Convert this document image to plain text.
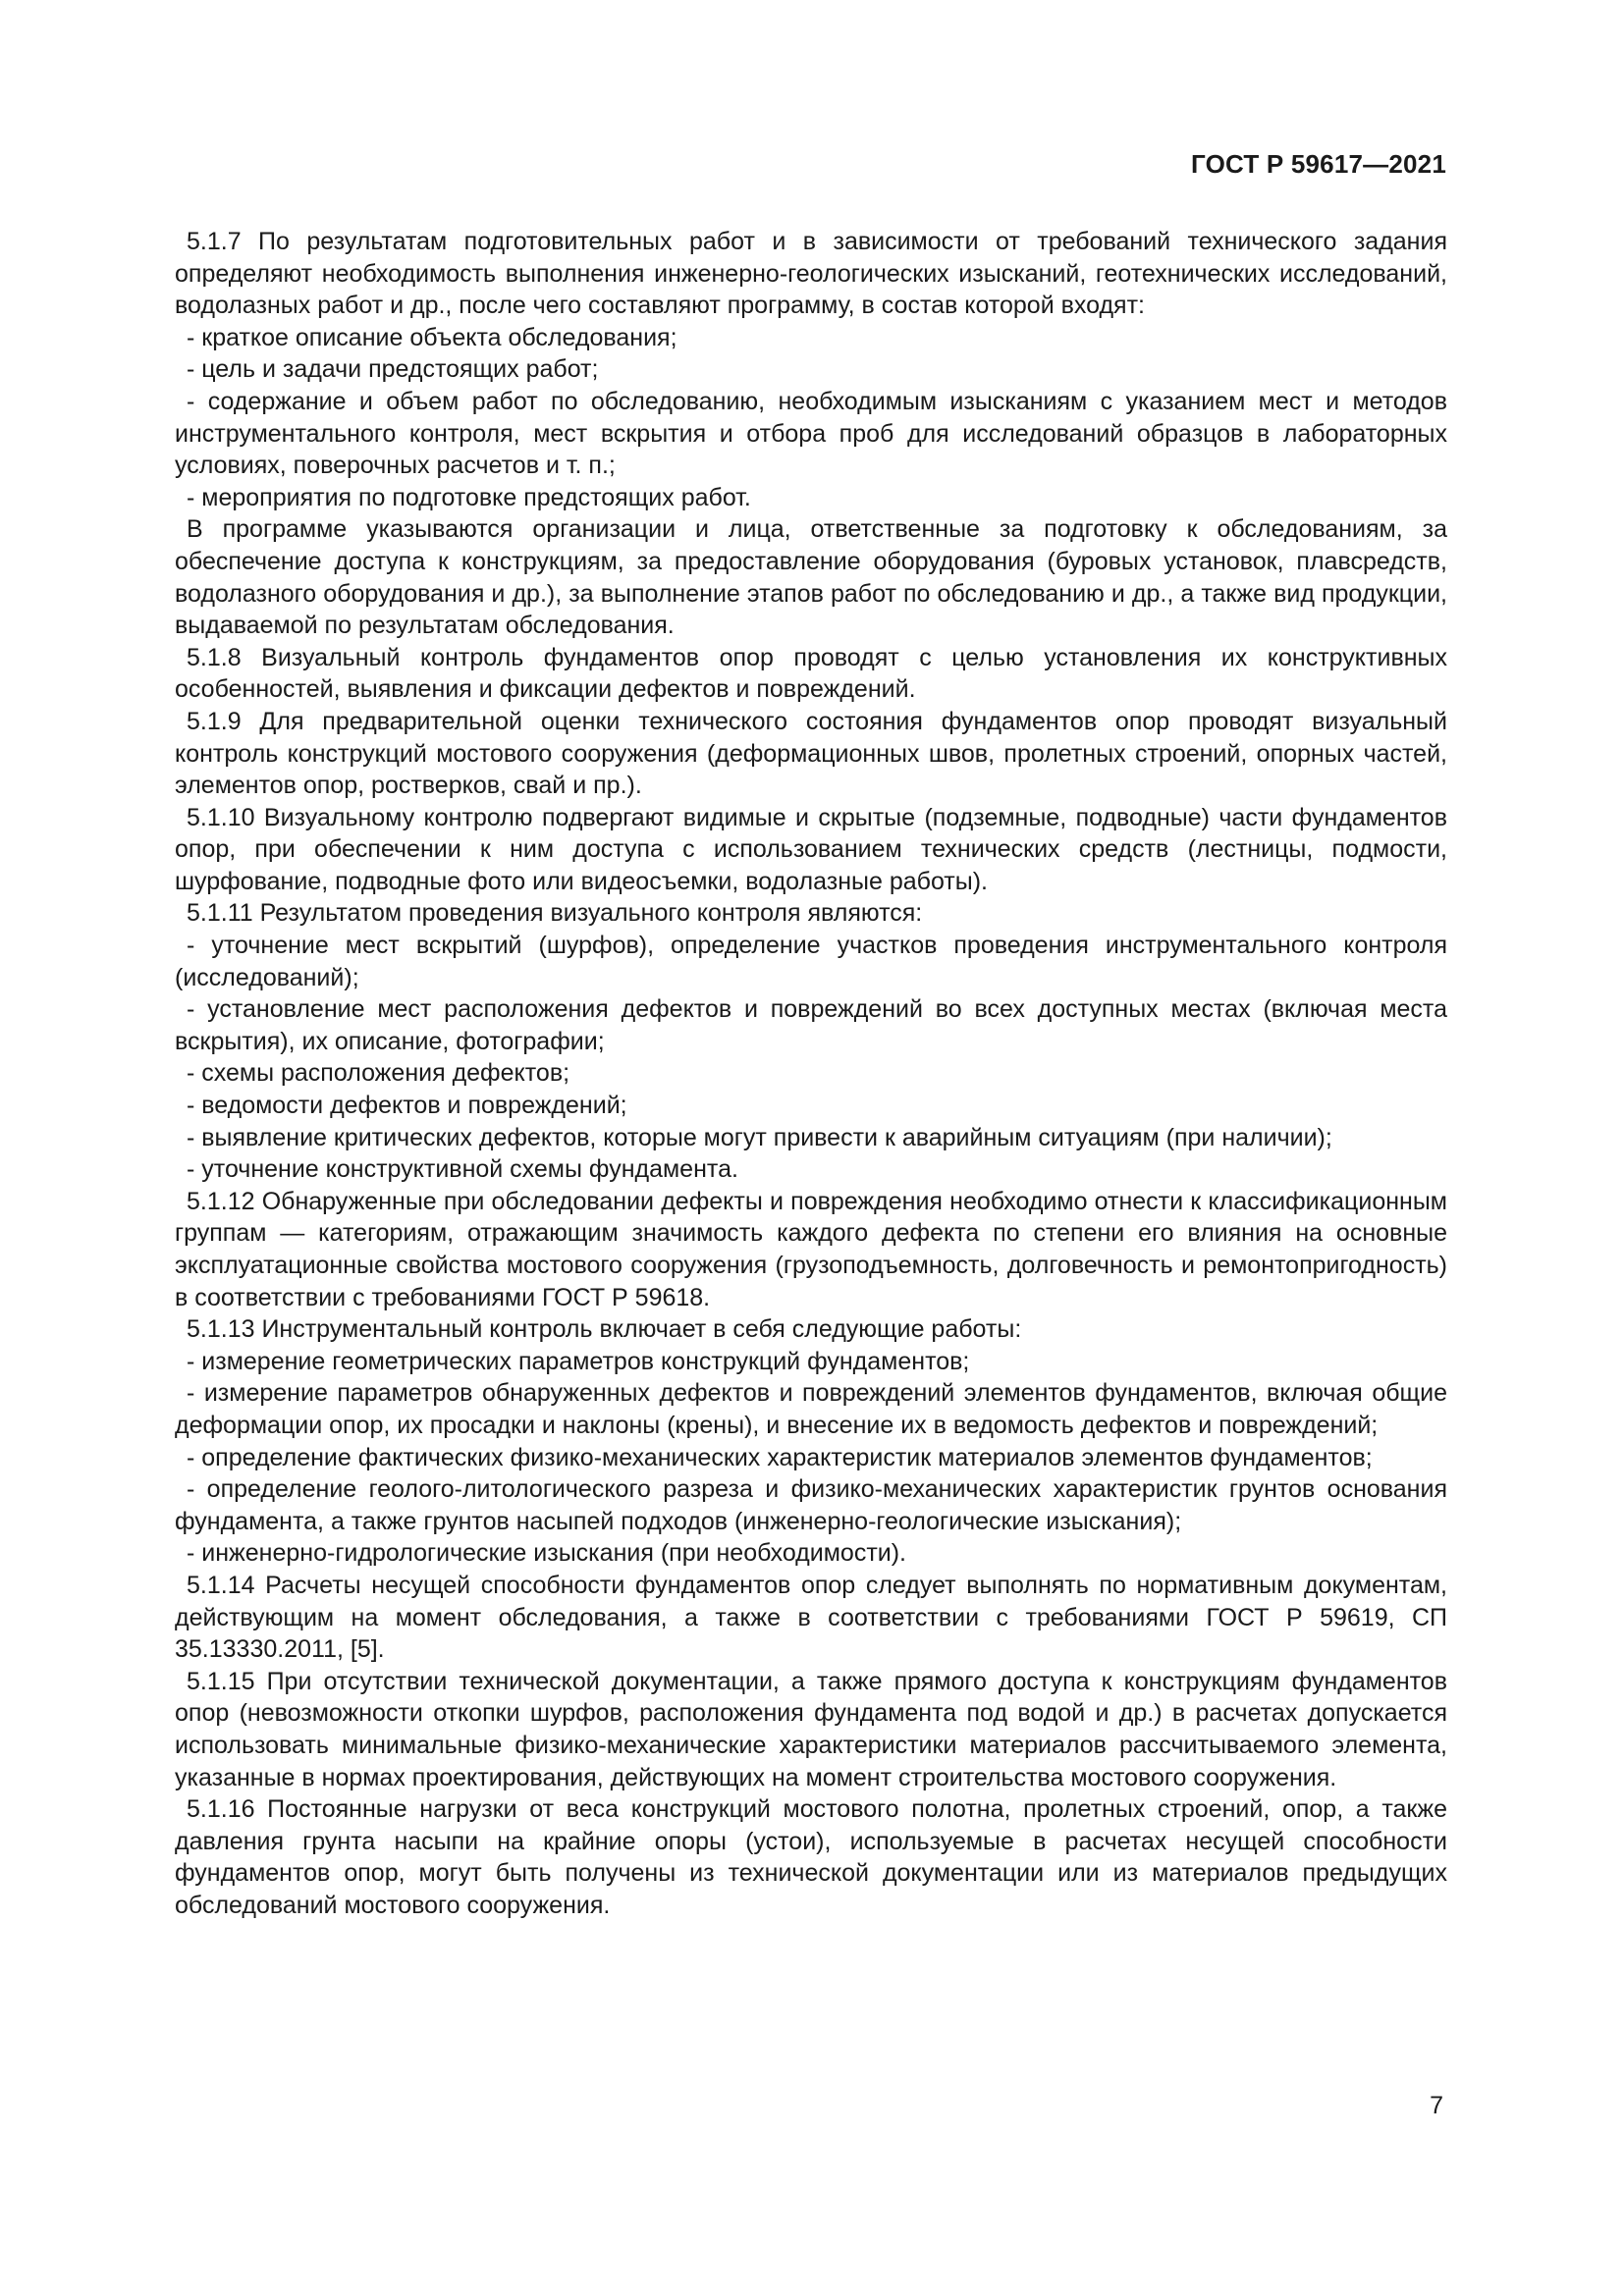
ГОСТ Р 59617—2021

5.1.7 По результатам подготовительных работ и в зависимости от требований технического задания определяют необходимость выполнения инженерно-геологических изысканий, геотехнических исследований, водолазных работ и др., после чего составляют программу, в состав которой входят:

- краткое описание объекта обследования;

- цель и задачи предстоящих работ;

- содержание и объем работ по обследованию, необходимым изысканиям с указанием мест и методов инструментального контроля, мест вскрытия и отбора проб для исследований образцов в лабораторных условиях, поверочных расчетов и т. п.;

- мероприятия по подготовке предстоящих работ.

В программе указываются организации и лица, ответственные за подготовку к обследованиям, за обеспечение доступа к конструкциям, за предоставление оборудования (буровых установок, плавсредств, водолазного оборудования и др.), за выполнение этапов работ по обследованию и др., а также вид продукции, выдаваемой по результатам обследования.

5.1.8 Визуальный контроль фундаментов опор проводят с целью установления их конструктивных особенностей, выявления и фиксации дефектов и повреждений.

5.1.9 Для предварительной оценки технического состояния фундаментов опор проводят визуальный контроль конструкций мостового сооружения (деформационных швов, пролетных строений, опорных частей, элементов опор, ростверков, свай и пр.).

5.1.10 Визуальному контролю подвергают видимые и скрытые (подземные, подводные) части фундаментов опор, при обеспечении к ним доступа с использованием технических средств (лестницы, подмости, шурфование, подводные фото или видеосъемки, водолазные работы).

5.1.11 Результатом проведения визуального контроля являются:

- уточнение мест вскрытий (шурфов), определение участков проведения инструментального контроля (исследований);

- установление мест расположения дефектов и повреждений во всех доступных местах (включая места вскрытия), их описание, фотографии;

- схемы расположения дефектов;

- ведомости дефектов и повреждений;

- выявление критических дефектов, которые могут привести к аварийным ситуациям (при наличии);

- уточнение конструктивной схемы фундамента.

5.1.12 Обнаруженные при обследовании дефекты и повреждения необходимо отнести к классификационным группам — категориям, отражающим значимость каждого дефекта по степени его влияния на основные эксплуатационные свойства мостового сооружения (грузоподъемность, долговечность и ремонтопригодность) в соответствии с требованиями ГОСТ Р 59618.

5.1.13 Инструментальный контроль включает в себя следующие работы:

- измерение геометрических параметров конструкций фундаментов;

- измерение параметров обнаруженных дефектов и повреждений элементов фундаментов, включая общие деформации опор, их просадки и наклоны (крены), и внесение их в ведомость дефектов и повреждений;

- определение фактических физико-механических характеристик материалов элементов фундаментов;

- определение геолого-литологического разреза и физико-механических характеристик грунтов основания фундамента, а также грунтов насыпей подходов (инженерно-геологические изыскания);

- инженерно-гидрологические изыскания (при необходимости).

5.1.14 Расчеты несущей способности фундаментов опор следует выполнять по нормативным документам, действующим на момент обследования, а также в соответствии с требованиями ГОСТ Р 59619, СП 35.13330.2011, [5].

5.1.15 При отсутствии технической документации, а также прямого доступа к конструкциям фундаментов опор (невозможности откопки шурфов, расположения фундамента под водой и др.) в расчетах допускается использовать минимальные физико-механические характеристики материалов рассчитываемого элемента, указанные в нормах проектирования, действующих на момент строительства мостового сооружения.

5.1.16 Постоянные нагрузки от веса конструкций мостового полотна, пролетных строений, опор, а также давления грунта насыпи на крайние опоры (устои), используемые в расчетах несущей способности фундаментов опор, могут быть получены из технической документации или из материалов предыдущих обследований мостового сооружения.

7
